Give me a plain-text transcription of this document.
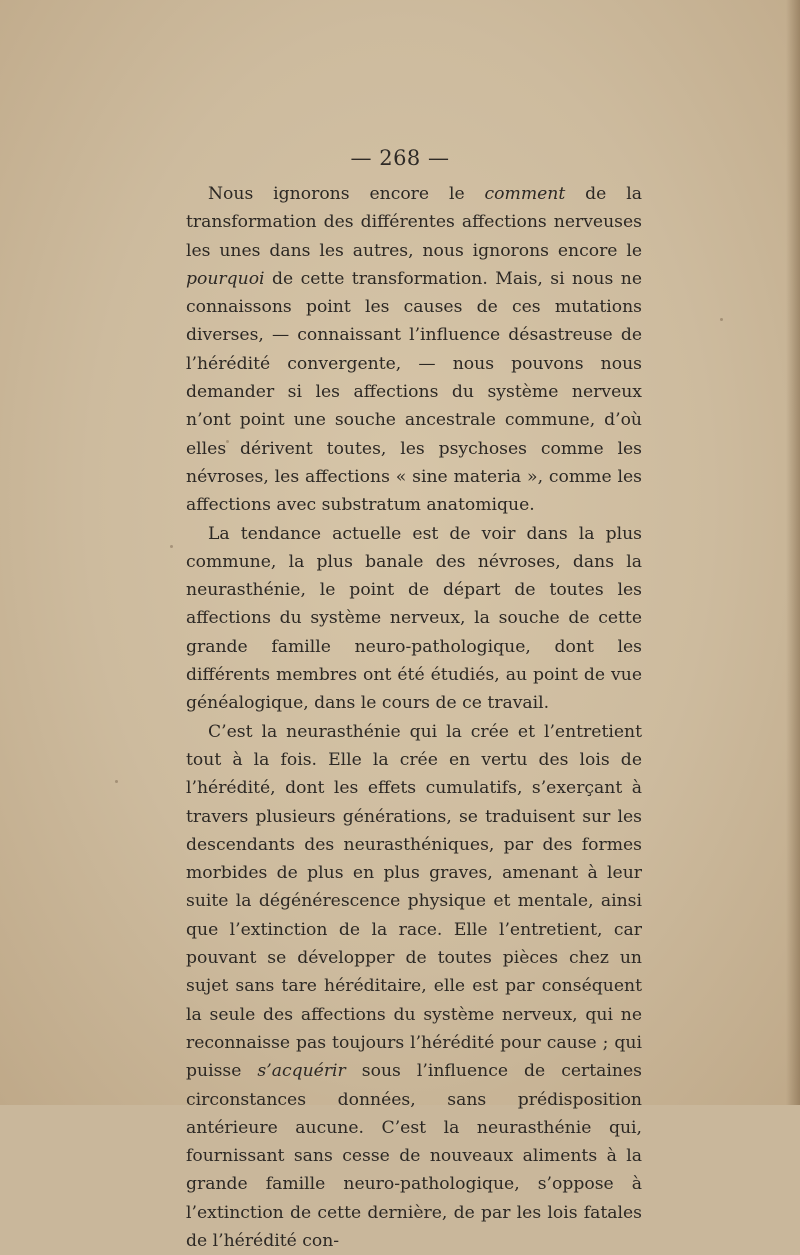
— 268 —

Nous ignorons encore le comment de la transformation des différentes affections nerveuses les unes dans les autres, nous ignorons encore le pourquoi de cette transformation. Mais, si nous ne connaissons point les causes de ces mutations diverses, — connaissant l’influence désastreuse de l’hérédité convergente, — nous pouvons nous demander si les affections du système nerveux n’ont point une souche ancestrale commune, d’où elles dérivent toutes, les psychoses comme les névroses, les affections « sine materia », comme les affections avec substratum anatomique.

La tendance actuelle est de voir dans la plus commune, la plus banale des névroses, dans la neurasthénie, le point de départ de toutes les affections du système nerveux, la souche de cette grande famille neuro-pathologique, dont les différents membres ont été étudiés, au point de vue généalogique, dans le cours de ce travail.

C’est la neurasthénie qui la crée et l’entretient tout à la fois. Elle la crée en vertu des lois de l’hérédité, dont les effets cumulatifs, s’exerçant à travers plusieurs générations, se traduisent sur les descendants des neurasthéniques, par des formes morbides de plus en plus graves, amenant à leur suite la dégénérescence physique et mentale, ainsi que l’extinction de la race. Elle l’entretient, car pouvant se développer de toutes pièces chez un sujet sans tare héréditaire, elle est par conséquent la seule des affections du système nerveux, qui ne reconnaisse pas toujours l’hérédité pour cause ; qui puisse s’acquérir sous l’influence de certaines circonstances données, sans prédisposition antérieure aucune. C’est la neurasthénie qui, fournissant sans cesse de nouveaux aliments à la grande famille neuro-pathologique, s’oppose à l’extinction de cette dernière, de par les lois fatales de l’hérédité con-
